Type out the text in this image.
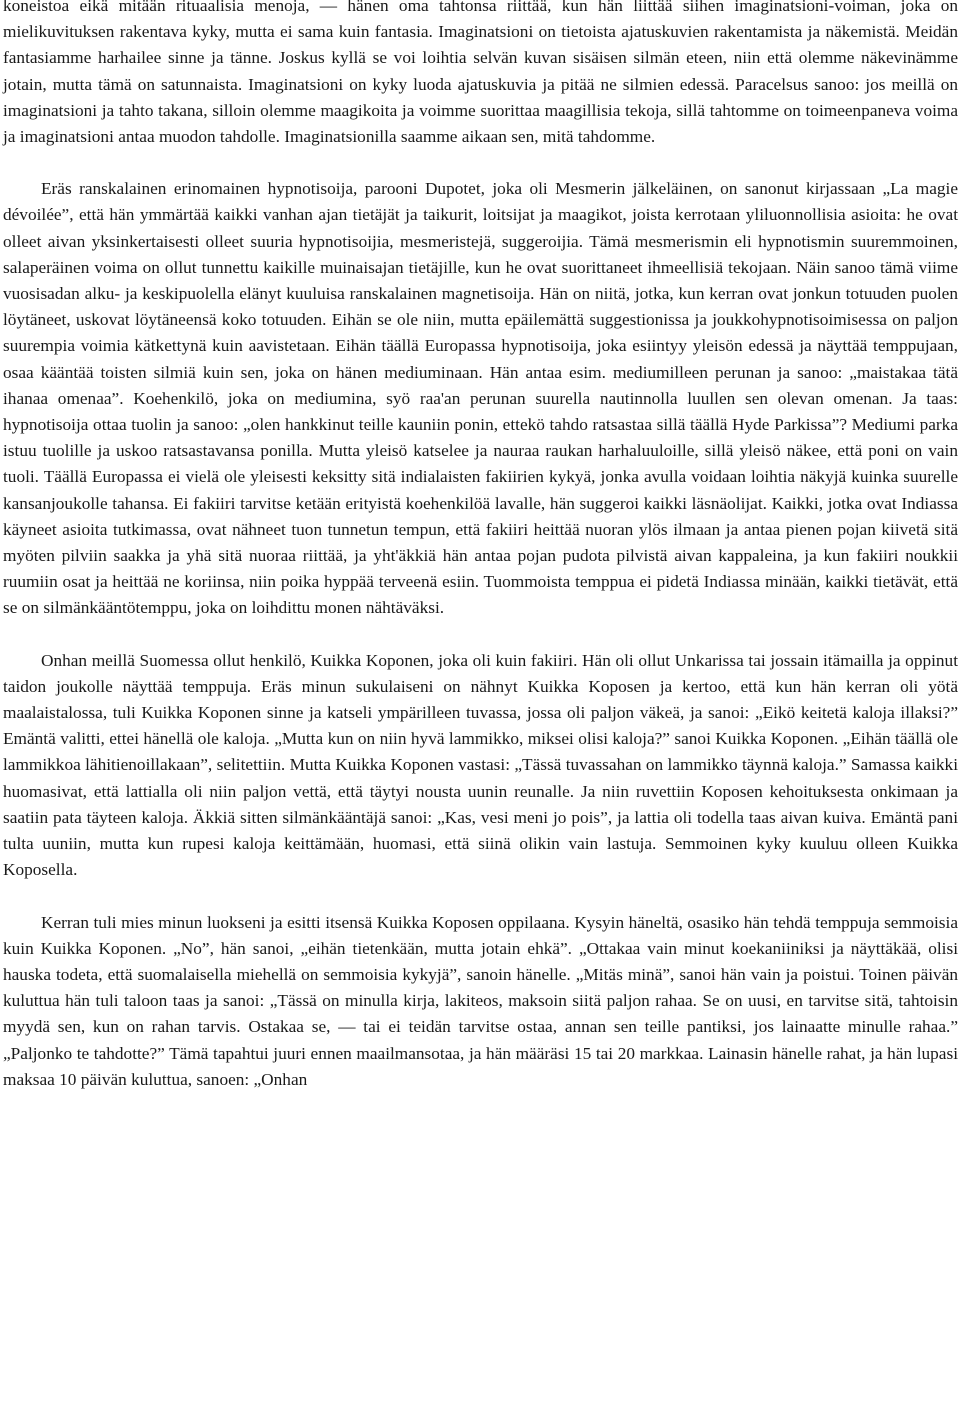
koneistoa eikä mitään rituaalisia menoja, — hänen oma tahtonsa riittää, kun hän liittää siihen imaginatsioni-voiman, joka on mielikuvituksen rakentava kyky, mutta ei sama kuin fantasia. Imaginatsioni on tietoista ajatuskuvien rakentamista ja näkemistä. Meidän fantasiamme harhailee sinne ja tänne. Joskus kyllä se voi loihtia selvän kuvan sisäisen silmän eteen, niin että olemme näkevinämme jotain, mutta tämä on satunnaista. Imaginatsioni on kyky luoda ajatuskuvia ja pitää ne silmien edessä. Paracelsus sanoo: jos meillä on imaginatsioni ja tahto takana, silloin olemme maagikoita ja voimme suorittaa maagillisia tekoja, sillä tahtomme on toimeenpaneva voima ja imaginatsioni antaa muodon tahdolle. Imaginatsionilla saamme aikaan sen, mitä tahdomme.

Eräs ranskalainen erinomainen hypnotisoija, parooni Dupotet, joka oli Mesmerin jälkeläinen, on sanonut kirjassaan „La magie dévoilée”, että hän ymmärtää kaikki vanhan ajan tietäjät ja taikurit, loitsijat ja maagikot, joista kerrotaan yliluonnollisia asioita: he ovat olleet aivan yksinkertaisesti olleet suuria hypnotisoijia, mesmeristejä, suggeroijia. Tämä mesmerismin eli hypnotismin suuremmoinen, salaperäinen voima on ollut tunnettu kaikille muinaisajan tietäjille, kun he ovat suorittaneet ihmeellisiä tekojaan. Näin sanoo tämä viime vuosisadan alku- ja keskipuolella elänyt kuuluisa ranskalainen magnetisoija. Hän on niitä, jotka, kun kerran ovat jonkun totuuden puolen löytäneet, uskovat löytäneensä koko totuuden. Eihän se ole niin, mutta epäilemättä suggestionissa ja joukkohypnotisoimisessa on paljon suurempia voimia kätkettynä kuin aavistetaan. Eihän täällä Europassa hypnotisoija, joka esiintyy yleisön edessä ja näyttää temppujaan, osaa kääntää toisten silmiä kuin sen, joka on hänen mediuminaan. Hän antaa esim. mediumilleen perunan ja sanoo: „maistakaa tätä ihanaa omenaa”. Koehenkilö, joka on mediumina, syö raa'an perunan suurella nautinnolla luullen sen olevan omenan. Ja taas: hypnotisoija ottaa tuolin ja sanoo: „olen hankkinut teille kauniin ponin, ettekö tahdo ratsastaa sillä täällä Hyde Parkissa”? Mediumi parka istuu tuolille ja uskoo ratsastavansa ponilla. Mutta yleisö katselee ja nauraa raukan harhaluuloille, sillä yleisö näkee, että poni on vain tuoli. Täällä Europassa ei vielä ole yleisesti keksitty sitä indialaisten fakiirien kykyä, jonka avulla voidaan loihtia näkyjä kuinka suurelle kansanjoukolle tahansa. Ei fakiiri tarvitse ketään erityistä koehenkilöä lavalle, hän suggeroi kaikki läsnäolijat. Kaikki, jotka ovat Indiassa käyneet asioita tutkimassa, ovat nähneet tuon tunnetun tempun, että fakiiri heittää nuoran ylös ilmaan ja antaa pienen pojan kiivetä sitä myöten pilviin saakka ja yhä sitä nuoraa riittää, ja yht'äkkiä hän antaa pojan pudota pilvistä aivan kappaleina, ja kun fakiiri noukkii ruumiin osat ja heittää ne koriinsa, niin poika hyppää terveenä esiin. Tuommoista temppua ei pidetä Indiassa minään, kaikki tietävät, että se on silmänkääntötemppu, joka on loihdittu monen nähtäväksi.

Onhan meillä Suomessa ollut henkilö, Kuikka Koponen, joka oli kuin fakiiri. Hän oli ollut Unkarissa tai jossain itämailla ja oppinut taidon joukolle näyttää temppuja. Eräs minun sukulaiseni on nähnyt Kuikka Koposen ja kertoo, että kun hän kerran oli yötä maalaistalossa, tuli Kuikka Koponen sinne ja katseli ympärilleen tuvassa, jossa oli paljon väkeä, ja sanoi: „Eikö keitetä kaloja illaksi?” Emäntä valitti, ettei hänellä ole kaloja. „Mutta kun on niin hyvä lammikko, miksei olisi kaloja?” sanoi Kuikka Koponen. „Eihän täällä ole lammikkoa lähitienoillakaan”, selitettiin. Mutta Kuikka Koponen vastasi: „Tässä tuvassahan on lammikko täynnä kaloja.” Samassa kaikki huomasivat, että lattialla oli niin paljon vettä, että täytyi nousta uunin reunalle. Ja niin ruvettiin Koposen kehoituksesta onkimaan ja saatiin pata täyteen kaloja. Äkkiä sitten silmänkääntäjä sanoi: „Kas, vesi meni jo pois”, ja lattia oli todella taas aivan kuiva. Emäntä pani tulta uuniin, mutta kun rupesi kaloja keittämään, huomasi, että siinä olikin vain lastuja. Semmoinen kyky kuuluu olleen Kuikka Koposella.

Kerran tuli mies minun luokseni ja esitti itsensä Kuikka Koposen oppilaana. Kysyin häneltä, osasiko hän tehdä temppuja semmoisia kuin Kuikka Koponen. „No”, hän sanoi, „eihän tietenkään, mutta jotain ehkä”. „Ottakaa vain minut koekaniiniksi ja näyttäkää, olisi hauska todeta, että suomalaisella miehellä on semmoisia kykyjä”, sanoin hänelle. „Mitäs minä”, sanoi hän vain ja poistui. Toinen päivän kuluttua hän tuli taloon taas ja sanoi: „Tässä on minulla kirja, lakiteos, maksoin siitä paljon rahaa. Se on uusi, en tarvitse sitä, tahtoisin myydä sen, kun on rahan tarvis. Ostakaa se, — tai ei teidän tarvitse ostaa, annan sen teille pantiksi, jos lainaatte minulle rahaa.” „Paljonko te tahdotte?” Tämä tapahtui juuri ennen maailmansotaa, ja hän määräsi 15 tai 20 markkaa. Lainasin hänelle rahat, ja hän lupasi maksaa 10 päivän kuluttua, sanoen: „Onhan
